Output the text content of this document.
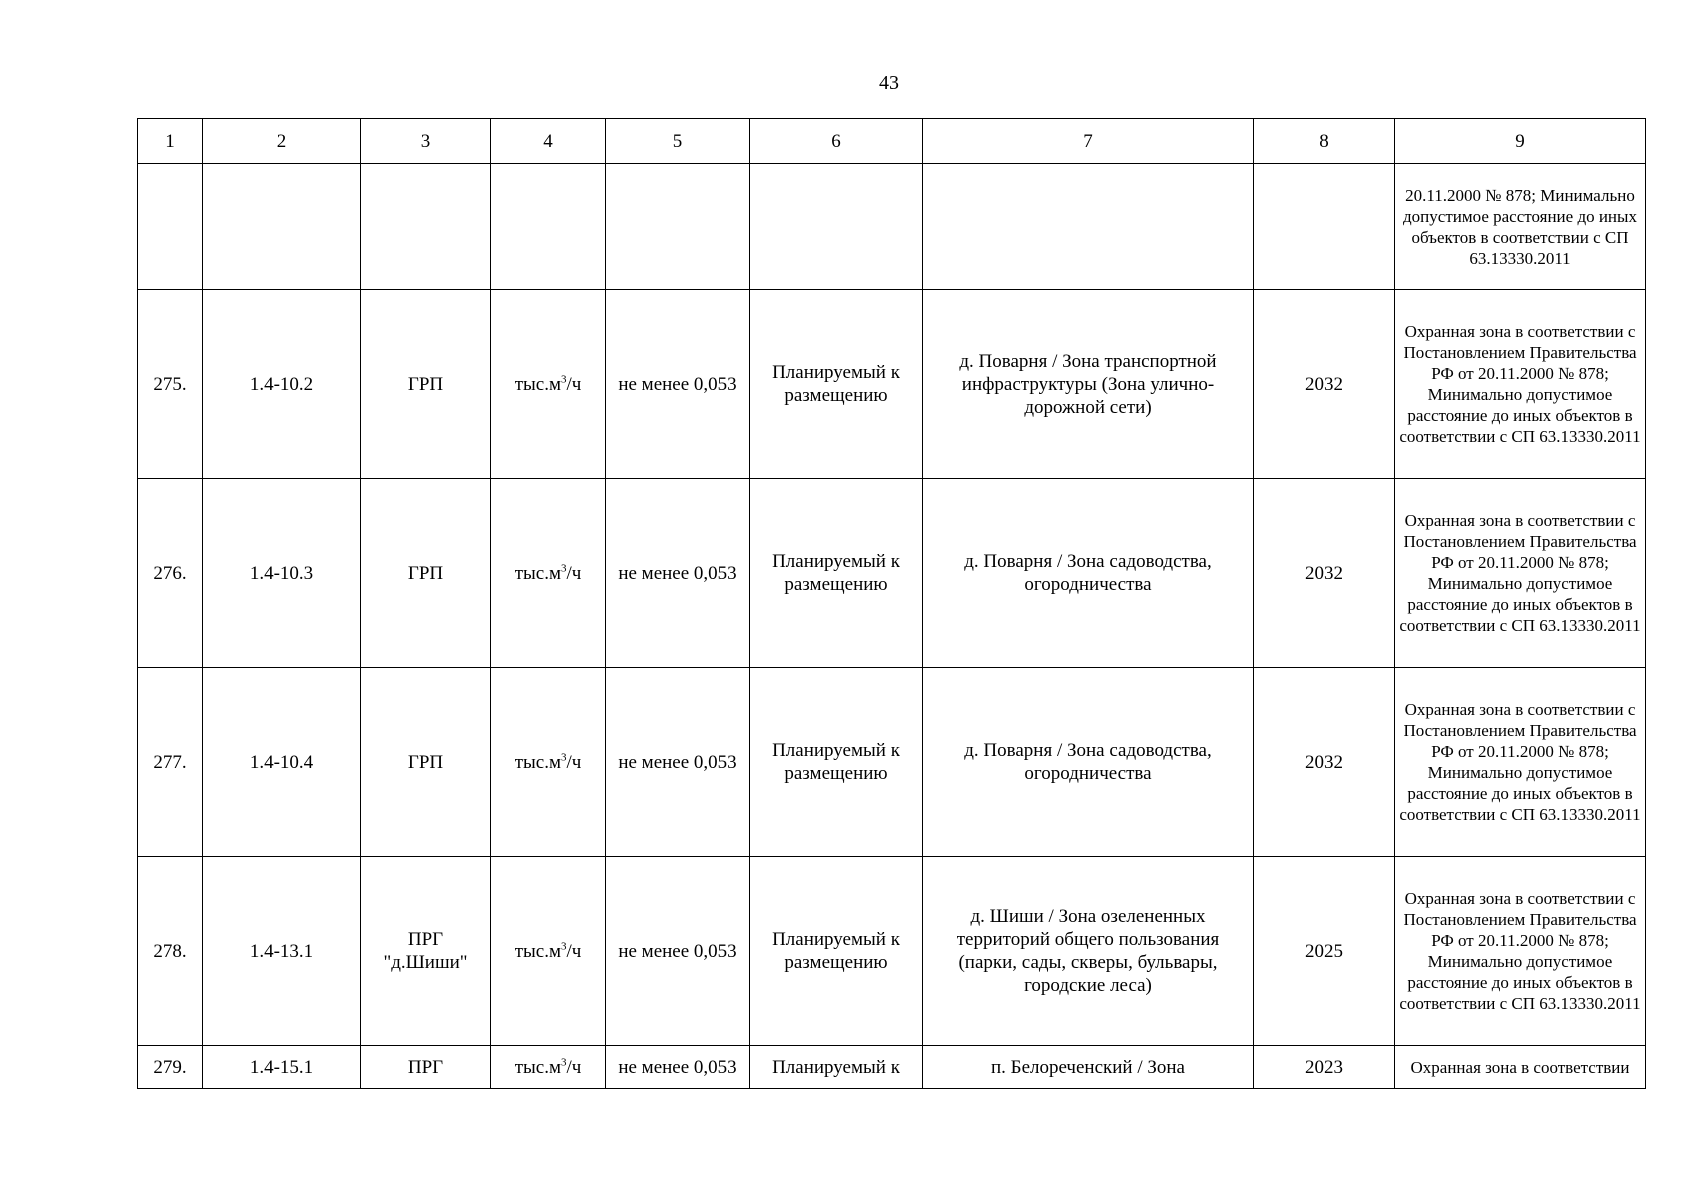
43
1	2	3	4	5	6	7	8	9
								20.11.2000 № 878; Минимально допустимое расстояние до иных объектов в соответствии с СП 63.13330.2011
275.	1.4-10.2	ГРП	$тыс.м^3/ч$	не менее 0,053	Планируемый к размещению	д. Поварня / Зона транспортной инфраструктуры (Зона улично-дорожной сети)	2032	Охранная зона в соответствии с Постановлением Правительства РФ от 20.11.2000 № 878; Минимально допустимое расстояние до иных объектов в соответствии с СП 63.13330.2011
276.	1.4-10.3	ГРП	$тыс.м^3/ч$	не менее 0,053	Планируемый к размещению	д. Поварня / Зона садоводства, огородничества	2032	Охранная зона в соответствии с Постановлением Правительства РФ от 20.11.2000 № 878; Минимально допустимое расстояние до иных объектов в соответствии с СП 63.13330.2011
277.	1.4-10.4	ГРП	$тыс.м^3/ч$	не менее 0,053	Планируемый к размещению	д. Поварня / Зона садоводства, огородничества	2032	Охранная зона в соответствии с Постановлением Правительства РФ от 20.11.2000 № 878; Минимально допустимое расстояние до иных объектов в соответствии с СП 63.13330.2011
278.	1.4-13.1	ПРГ "д.Шиши"	$тыс.м^3/ч$	не менее 0,053	Планируемый к размещению	д. Шиши / Зона озелененных территорий общего пользования (парки, сады, скверы, бульвары, городские леса)	2025	Охранная зона в соответствии с Постановлением Правительства РФ от 20.11.2000 № 878; Минимально допустимое расстояние до иных объектов в соответствии с СП 63.13330.2011
279.	1.4-15.1	ПРГ	$тыс.м^3/ч$	не менее 0,053	Планируемый к	п. Белореченский / Зона	2023	Охранная зона в соответствии
